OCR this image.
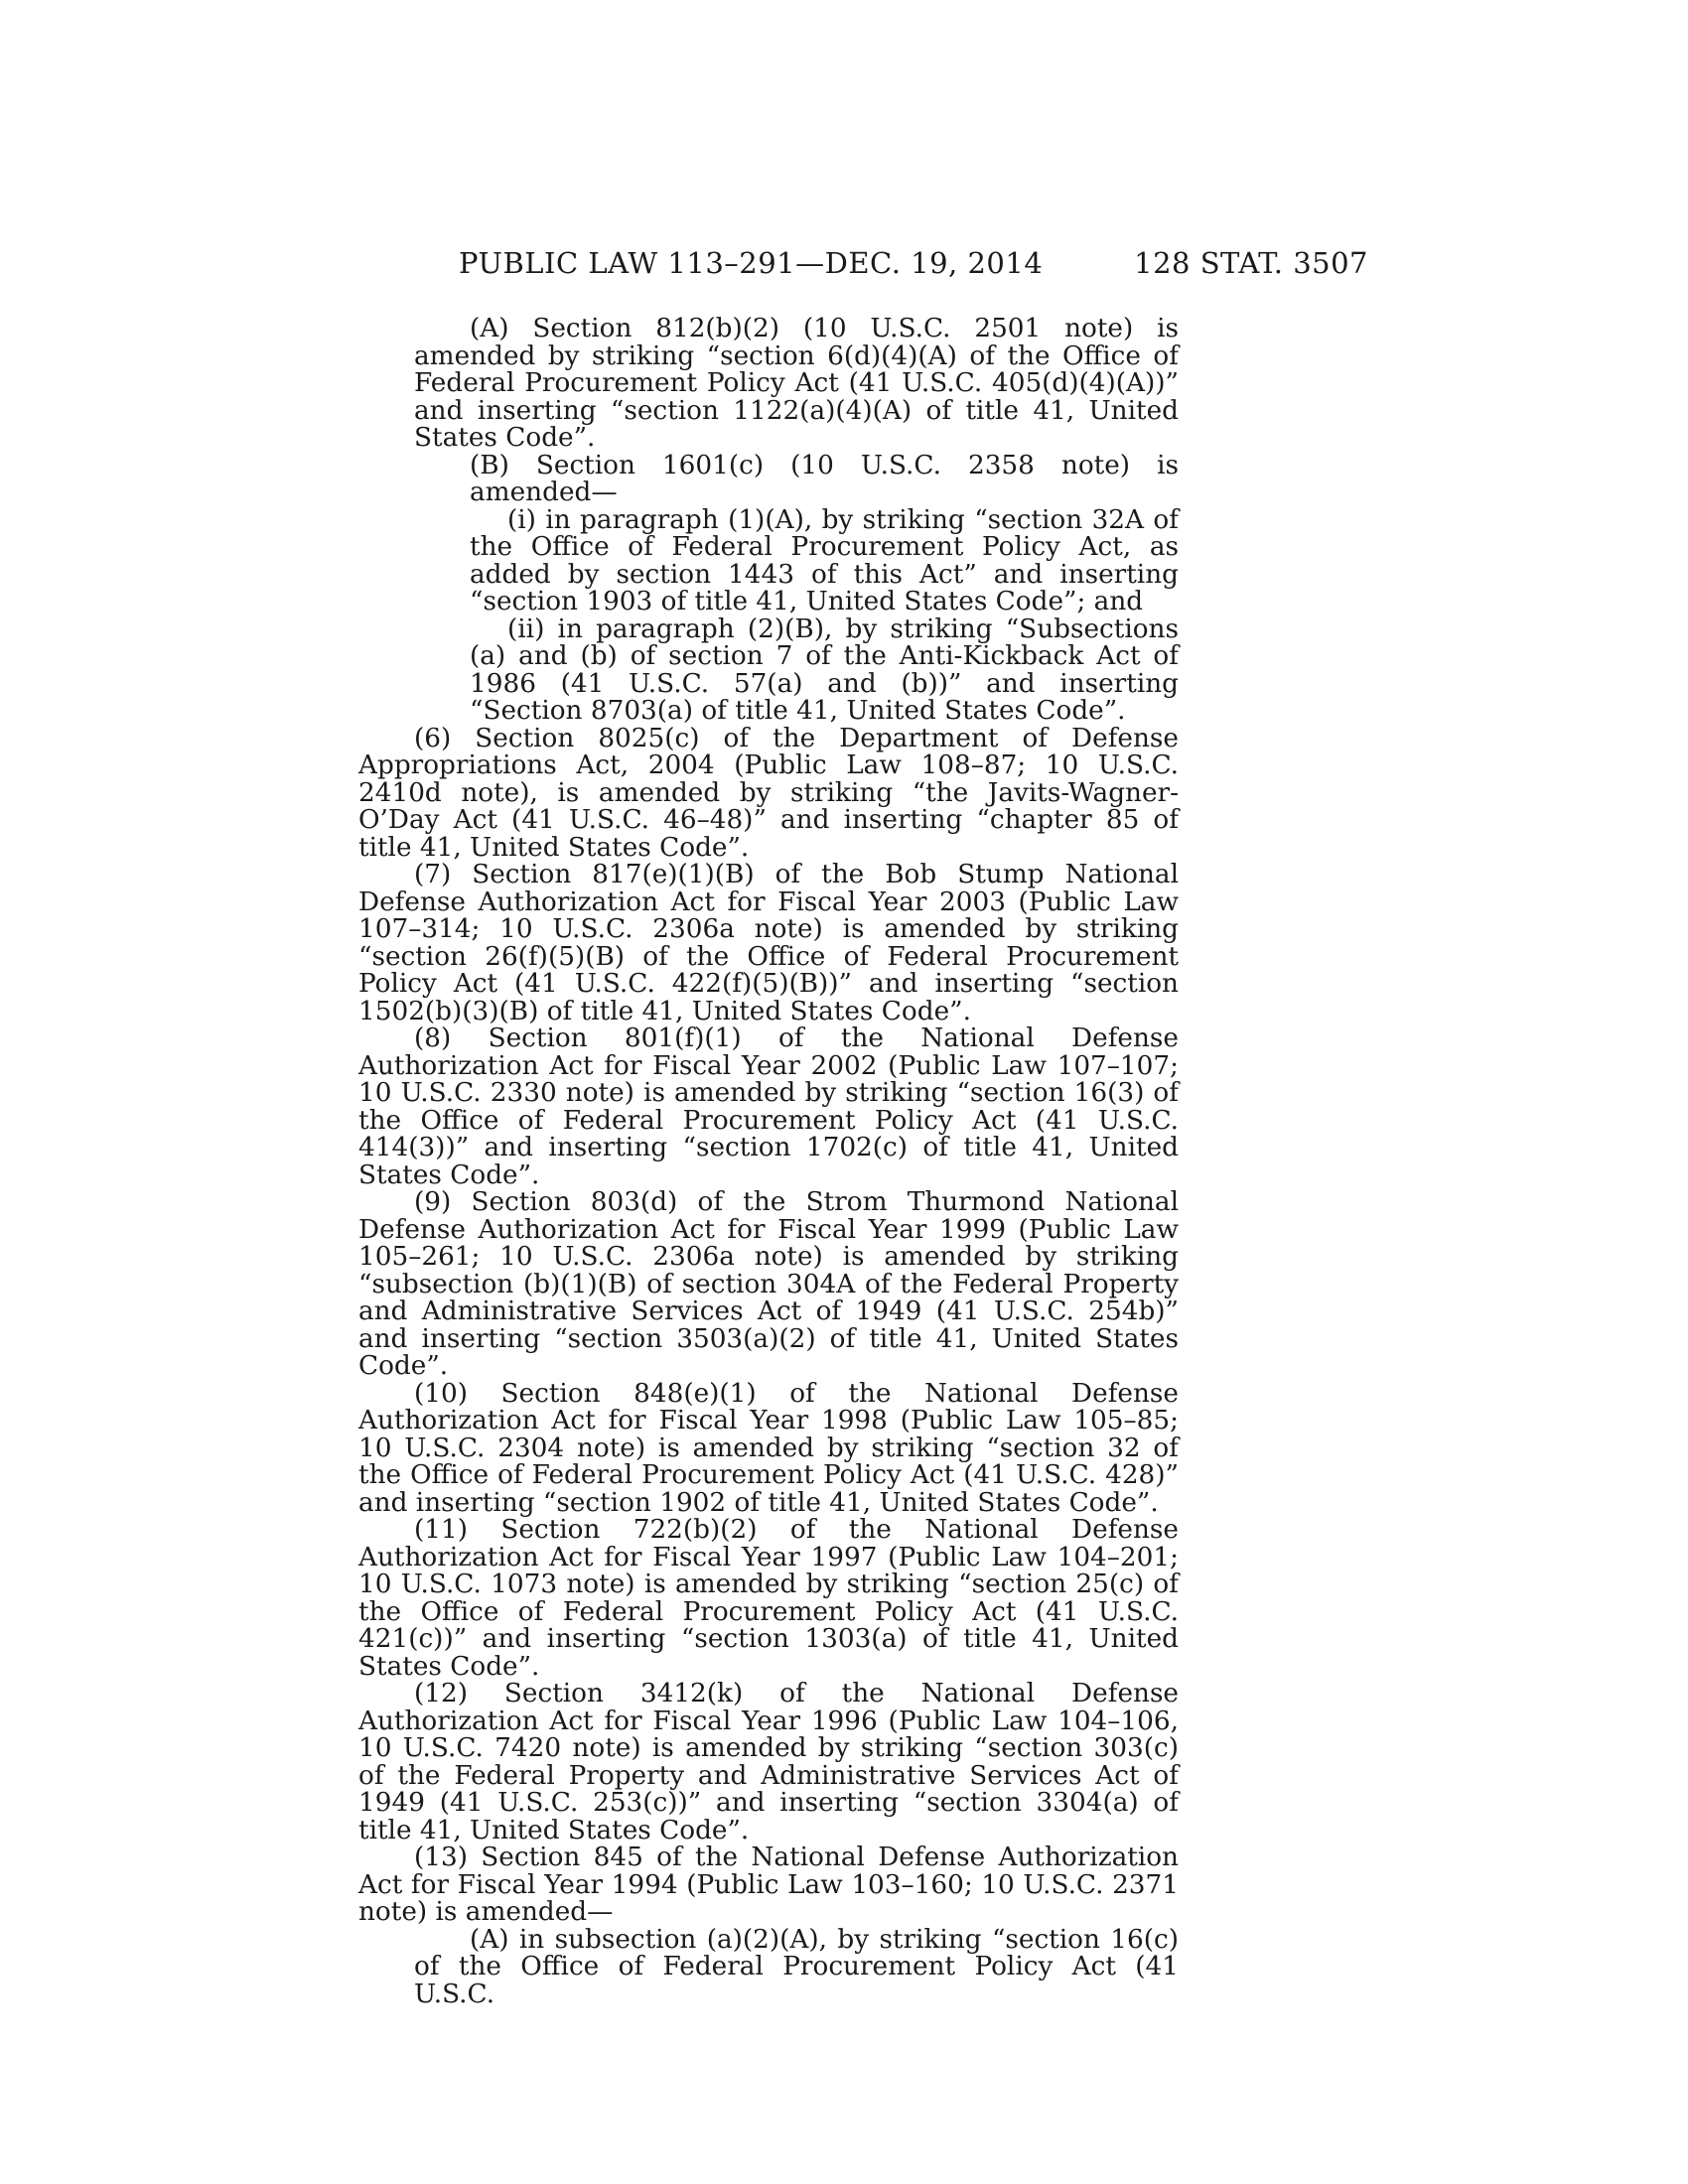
PUBLIC LAW 113–291—DEC. 19, 2014	128 STAT. 3507

(A) Section 812(b)(2) (10 U.S.C. 2501 note) is amended by striking “section 6(d)(4)(A) of the Office of Federal Procurement Policy Act (41 U.S.C. 405(d)(4)(A))” and inserting “section 1122(a)(4)(A) of title 41, United States Code”.

(B) Section 1601(c) (10 U.S.C. 2358 note) is amended—

(i) in paragraph (1)(A), by striking “section 32A of the Office of Federal Procurement Policy Act, as added by section 1443 of this Act” and inserting “section 1903 of title 41, United States Code”; and

(ii) in paragraph (2)(B), by striking “Subsections (a) and (b) of section 7 of the Anti-Kickback Act of 1986 (41 U.S.C. 57(a) and (b))” and inserting “Section 8703(a) of title 41, United States Code”.

(6) Section 8025(c) of the Department of Defense Appropriations Act, 2004 (Public Law 108–87; 10 U.S.C. 2410d note), is amended by striking “the Javits-Wagner-O’Day Act (41 U.S.C. 46–48)” and inserting “chapter 85 of title 41, United States Code”.

(7) Section 817(e)(1)(B) of the Bob Stump National Defense Authorization Act for Fiscal Year 2003 (Public Law 107–314; 10 U.S.C. 2306a note) is amended by striking “section 26(f)(5)(B) of the Office of Federal Procurement Policy Act (41 U.S.C. 422(f)(5)(B))” and inserting “section 1502(b)(3)(B) of title 41, United States Code”.

(8) Section 801(f)(1) of the National Defense Authorization Act for Fiscal Year 2002 (Public Law 107–107; 10 U.S.C. 2330 note) is amended by striking “section 16(3) of the Office of Federal Procurement Policy Act (41 U.S.C. 414(3))” and inserting “section 1702(c) of title 41, United States Code”.

(9) Section 803(d) of the Strom Thurmond National Defense Authorization Act for Fiscal Year 1999 (Public Law 105–261; 10 U.S.C. 2306a note) is amended by striking “subsection (b)(1)(B) of section 304A of the Federal Property and Administrative Services Act of 1949 (41 U.S.C. 254b)” and inserting “section 3503(a)(2) of title 41, United States Code”.

(10) Section 848(e)(1) of the National Defense Authorization Act for Fiscal Year 1998 (Public Law 105–85; 10 U.S.C. 2304 note) is amended by striking “section 32 of the Office of Federal Procurement Policy Act (41 U.S.C. 428)” and inserting “section 1902 of title 41, United States Code”.

(11) Section 722(b)(2) of the National Defense Authorization Act for Fiscal Year 1997 (Public Law 104–201; 10 U.S.C. 1073 note) is amended by striking “section 25(c) of the Office of Federal Procurement Policy Act (41 U.S.C. 421(c))” and inserting “section 1303(a) of title 41, United States Code”.

(12) Section 3412(k) of the National Defense Authorization Act for Fiscal Year 1996 (Public Law 104–106, 10 U.S.C. 7420 note) is amended by striking “section 303(c) of the Federal Property and Administrative Services Act of 1949 (41 U.S.C. 253(c))” and inserting “section 3304(a) of title 41, United States Code”.

(13) Section 845 of the National Defense Authorization Act for Fiscal Year 1994 (Public Law 103–160; 10 U.S.C. 2371 note) is amended—

(A) in subsection (a)(2)(A), by striking “section 16(c) of the Office of Federal Procurement Policy Act (41 U.S.C.
